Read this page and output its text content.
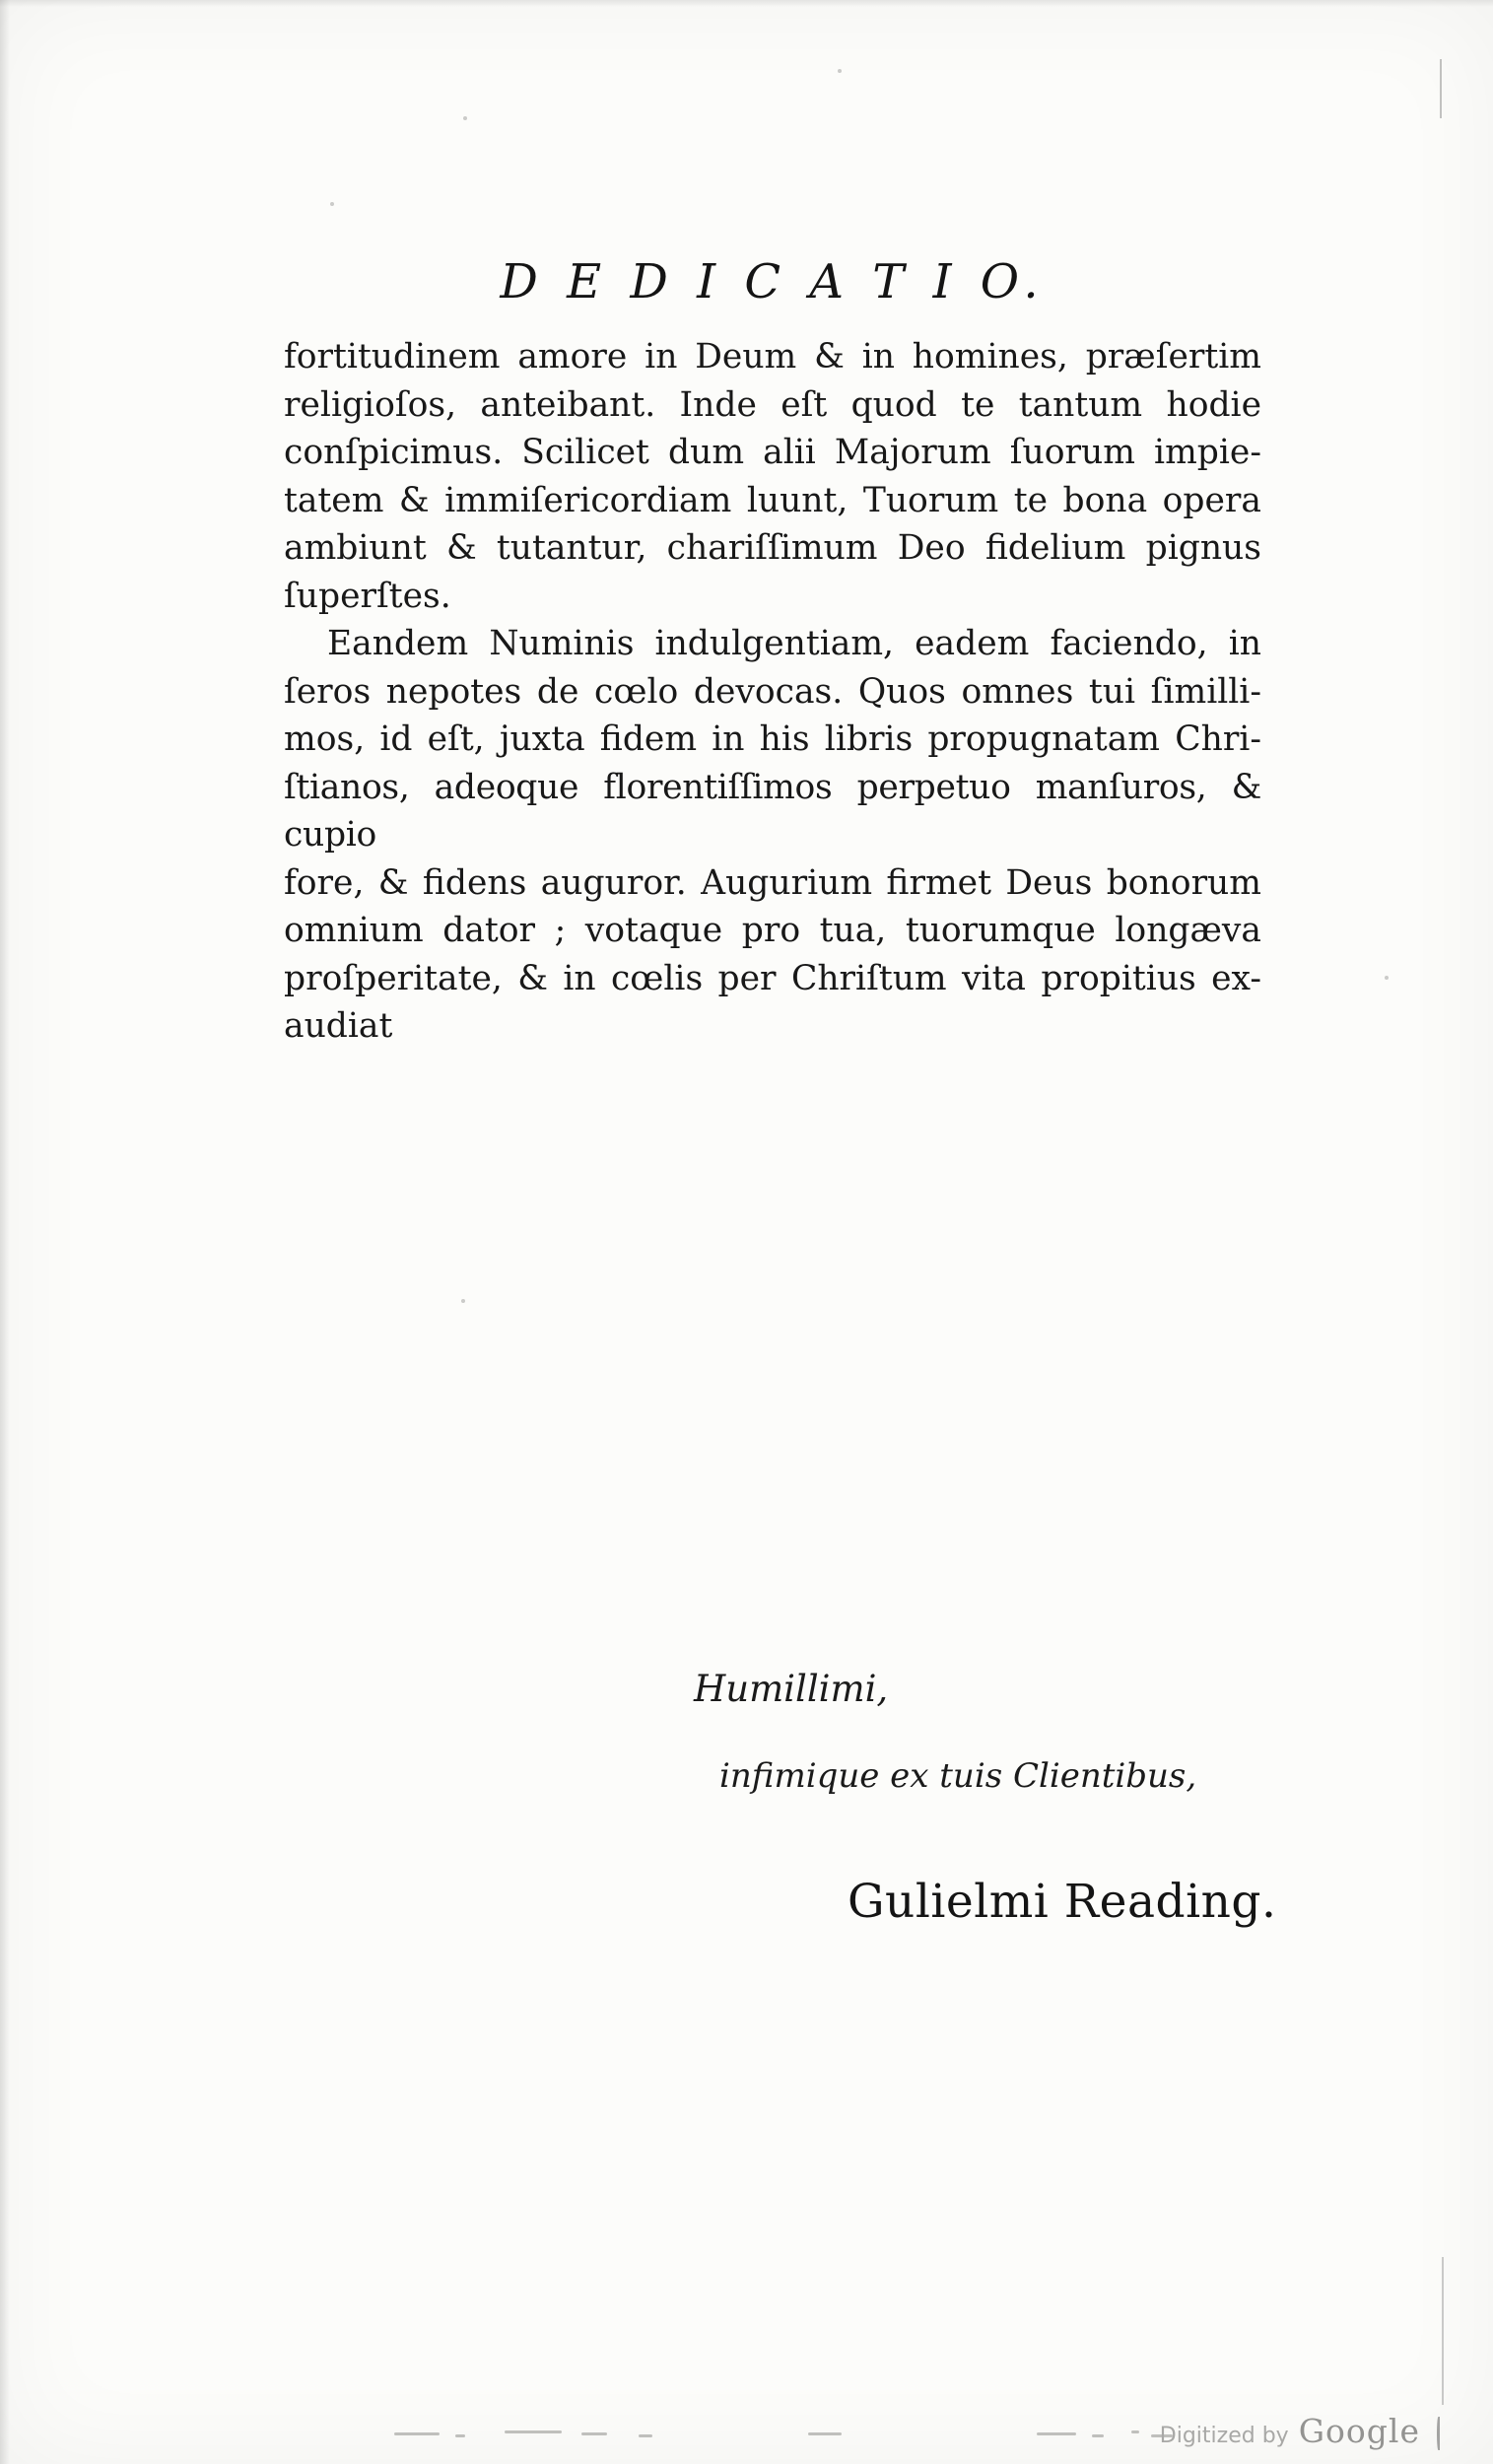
D E D I C A T I O.
fortitudinem amore in Deum & in homines, præſertim
religioſos, anteibant. Inde eſt quod te tantum hodie
conſpicimus. Scilicet dum alii Majorum ſuorum impie-
tatem & immiſericordiam luunt, Tuorum te bona opera
ambiunt & tutantur, chariſſimum Deo fidelium pignus
ſuperſtes.
Eandem Numinis indulgentiam, eadem faciendo, in
ſeros nepotes de cœlo devocas. Quos omnes tui ſimilli-
mos, id eſt, juxta fidem in his libris propugnatam Chri-
ſtianos, adeoque florentiſſimos perpetuo manſuros, & cupio
fore, & fidens auguror. Augurium firmet Deus bonorum
omnium dator ; votaque pro tua, tuorumque longæva
proſperitate, & in cœlis per Chriſtum vita propitius ex-
audiat
Humillimi,
infimique ex tuis Clientibus,
Gulielmi Reading.
Digitized by Google
